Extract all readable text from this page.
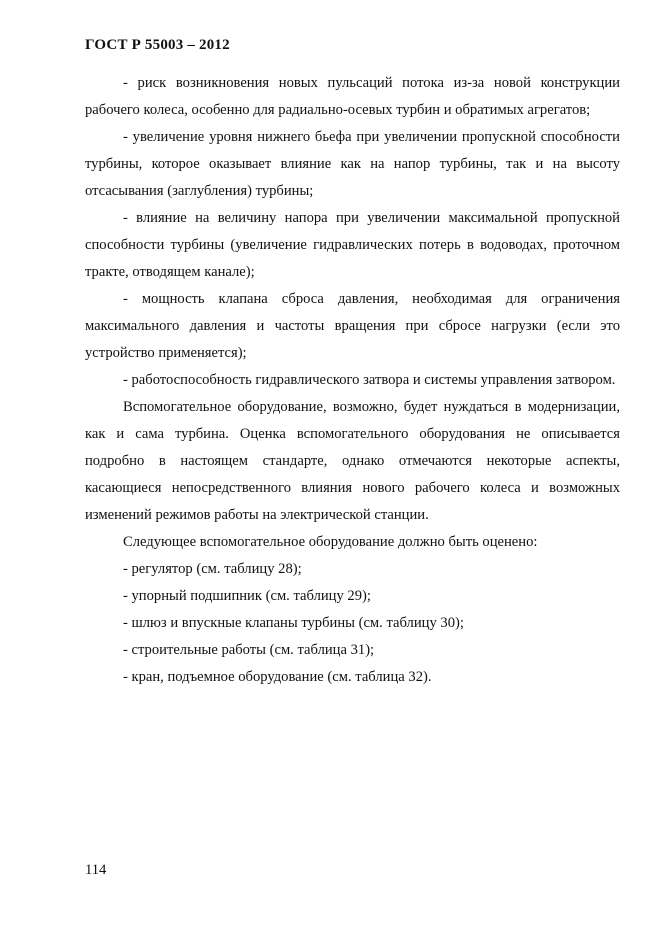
ГОСТ Р 55003 – 2012

- риск возникновения новых пульсаций потока из-за новой конструкции рабочего колеса, особенно для радиально-осевых турбин и обратимых агрегатов;

- увеличение уровня нижнего бьефа при увеличении пропускной способности турбины, которое оказывает влияние как на напор турбины, так и на высоту отсасывания (заглубления) турбины;

- влияние на величину напора при увеличении максимальной пропускной способности турбины (увеличение гидравлических потерь в водоводах, проточном тракте, отводящем канале);

- мощность клапана сброса давления, необходимая для ограничения максимального давления и частоты вращения при сбросе нагрузки (если это устройство применяется);

- работоспособность гидравлического затвора и системы управления затвором.

Вспомогательное оборудование, возможно, будет нуждаться в модернизации, как и сама турбина. Оценка вспомогательного оборудования не описывается подробно в настоящем стандарте, однако отмечаются некоторые аспекты, касающиеся непосредственного влияния нового рабочего колеса и возможных изменений режимов работы на электрической станции.

Следующее вспомогательное оборудование должно быть оценено:

- регулятор (см. таблицу 28);

- упорный подшипник (см. таблицу 29);

- шлюз и впускные клапаны турбины (см. таблицу 30);

- строительные работы (см. таблица 31);

- кран, подъемное оборудование (см. таблица 32).

114
